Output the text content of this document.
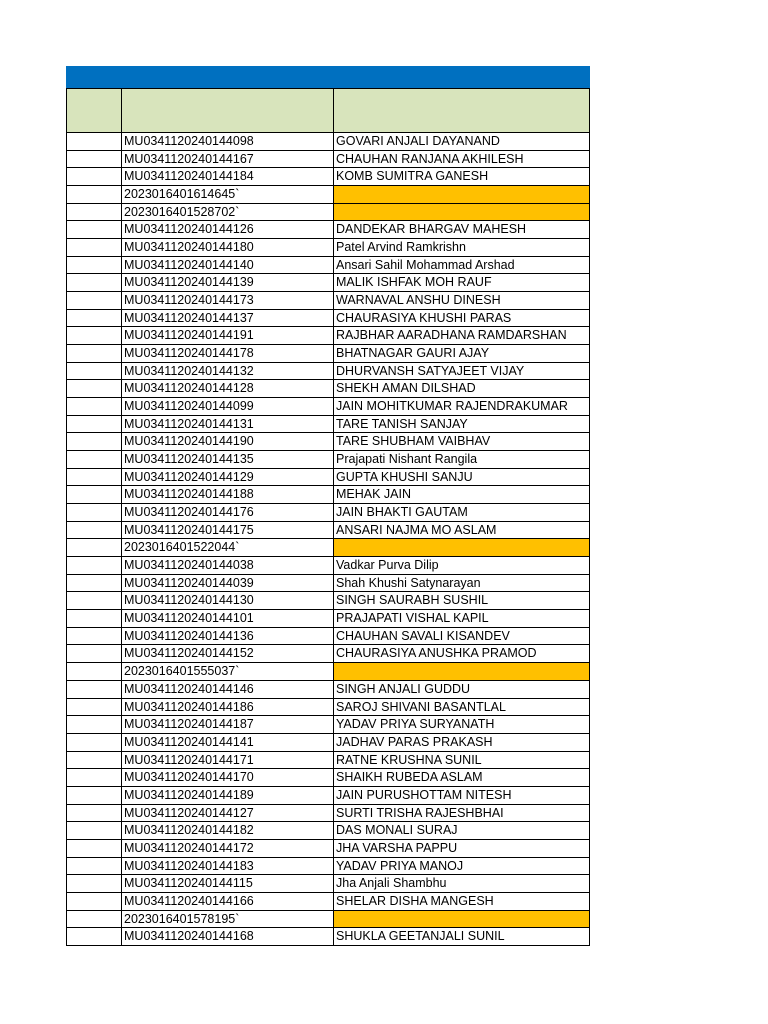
MU0341120240144098	GOVARI ANJALI DAYANAND
MU0341120240144167	CHAUHAN RANJANA AKHILESH
MU0341120240144184	KOMB SUMITRA GANESH
2023016401614645`
2023016401528702`
MU0341120240144126	DANDEKAR BHARGAV MAHESH
MU0341120240144180	Patel Arvind Ramkrishn
MU0341120240144140	Ansari Sahil Mohammad Arshad
MU0341120240144139	MALIK ISHFAK MOH RAUF
MU0341120240144173	WARNAVAL ANSHU DINESH
MU0341120240144137	CHAURASIYA KHUSHI PARAS
MU0341120240144191	RAJBHAR AARADHANA RAMDARSHAN
MU0341120240144178	BHATNAGAR GAURI AJAY
MU0341120240144132	DHURVANSH SATYAJEET VIJAY
MU0341120240144128	SHEKH AMAN DILSHAD
MU0341120240144099	JAIN MOHITKUMAR RAJENDRAKUMAR
MU0341120240144131	TARE TANISH SANJAY
MU0341120240144190	TARE SHUBHAM VAIBHAV
MU0341120240144135	Prajapati Nishant Rangila
MU0341120240144129	GUPTA KHUSHI SANJU
MU0341120240144188	MEHAK JAIN
MU0341120240144176	JAIN BHAKTI GAUTAM
MU0341120240144175	ANSARI NAJMA MO ASLAM
2023016401522044`
MU0341120240144038	Vadkar Purva Dilip
MU0341120240144039	Shah Khushi Satynarayan
MU0341120240144130	SINGH SAURABH SUSHIL
MU0341120240144101	PRAJAPATI VISHAL KAPIL
MU0341120240144136	CHAUHAN SAVALI KISANDEV
MU0341120240144152	CHAURASIYA ANUSHKA PRAMOD
2023016401555037`
MU0341120240144146	SINGH ANJALI GUDDU
MU0341120240144186	SAROJ SHIVANI BASANTLAL
MU0341120240144187	YADAV PRIYA SURYANATH
MU0341120240144141	JADHAV PARAS PRAKASH
MU0341120240144171	RATNE KRUSHNA SUNIL
MU0341120240144170	SHAIKH RUBEDA ASLAM
MU0341120240144189	JAIN PURUSHOTTAM NITESH
MU0341120240144127	SURTI TRISHA RAJESHBHAI
MU0341120240144182	DAS MONALI SURAJ
MU0341120240144172	JHA VARSHA PAPPU
MU0341120240144183	YADAV PRIYA MANOJ
MU0341120240144115	Jha Anjali Shambhu
MU0341120240144166	SHELAR DISHA MANGESH
2023016401578195`
MU0341120240144168	SHUKLA GEETANJALI SUNIL
